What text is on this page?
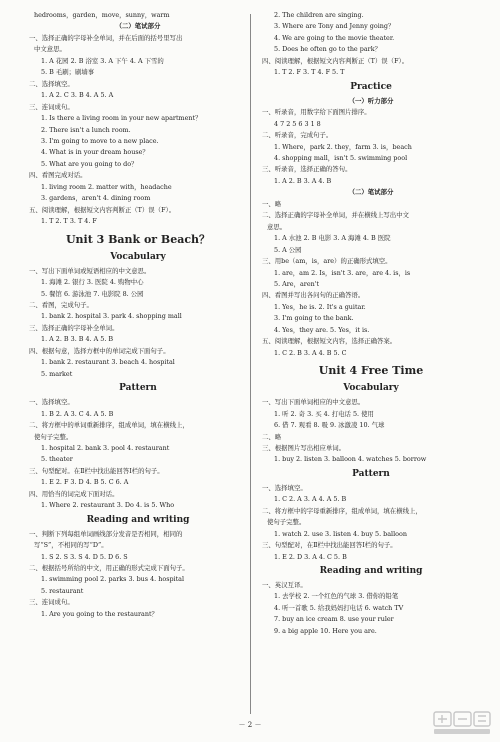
hedrooms，garden，move，sunny，warm
（二）笔试部分
一、选择正确的字母补全单词，并在后面的括号里写出
中文意思。
1. A 花园 2. B 浴室 3. A 下午 4. A 下雪的
5. B 毛刷；刷墙事
二、选择填空。
1. A 2. C 3. B 4. A 5. A
三、连词成句。
1. Is there a living room in your new apartment？
2. There isn't a lunch room.
3. I'm going to move to a new place.
4. What is in your dream house？
5. What are you going to do？
四、看图完成对话。
1. living room 2. matter with，headache
3. gardens，aren't 4. dining room
五、阅读理解，根据短文内容判断正（T）误（F）。
1. T 2. T 3. T 4. F
Unit 3 Bank or Beach？
Vocabulary
一、写出下面单词或短语相应的中文意思。
1. 海滩 2. 银行 3. 医院 4. 购物中心
5. 餐馆 6. 游泳池 7. 电影院 8. 公园
二、看图，完成句子。
1. bank 2. hospital 3. park 4. shopping mall
三、选择正确的字母补全单词。
1. A 2. B 3. B 4. A 5. B
四、根据句意，选择方框中的单词完成下面句子。
1. bank 2. restaurant 3. beach 4. hospital
5. market
Pattern
一、选择填空。
1. B 2. A 3. C 4. A 5. B
二、将方框中的单词重新排序，组成单词，填在横线上，
使句子完整。
1. hospital 2. bank 3. pool 4. restaurant
5. theater
三、句型配对。在Ⅱ栏中找出能回答Ⅰ栏的句子。
1. E 2. F 3. D 4. B 5. C 6. A
四、用恰当的词完成下面对话。
1. Where 2. restaurant 3. Do 4. is 5. Who
Reading and writing
一、判断下列每组单词画线部分发音是否相同，相同的
写“S”，不相同的写“D”。
1. S 2. S 3. S 4. D 5. D 6. S
二、根据括号所给的中文，用正确的形式完成下面句子。
1. swimming pool 2. parks 3. bus 4. hospital
5. restaurant
三、连词成句。
1. Are you going to the restaurant？
2. The children are singing.
3. Where are Tony and Jenny going？
4. We are going to the movie theater.
5. Does he often go to the park？
四、阅读理解，根据短文内容判断正（T）误（F）。
1. T 2. F 3. T 4. F 5. T
Practice
（一）听力部分
一、听录音，用数字给下面图片排序。
4 7 2 5 6 3 1 8
二、听录音，完成句子。
1. Where，park 2. they，farm 3. is，beach
4. shopping mall，isn't 5. swimming pool
三、听录音，选择正确的答句。
1. A 2. B 3. A 4. B
（二）笔试部分
一、略
二、选择正确的字母补全单词，并在横线上写出中文
意思。
1. A 水池 2. B 电影 3. A 海滩 4. B 医院
5. A 公园
三、用be（am，is，are）的正确形式填空。
1. are，am 2. Is，isn't 3. are，are 4. is，is
5. Are，aren't
四、看图并写出各问句的正确答语。
1. Yes，he is. 2. It's a guitar.
3. I'm going to the bank.
4. Yes，they are. 5. Yes，it is.
五、阅读理解，根据短文内容，选择正确答案。
1. C 2. B 3. A 4. B 5. C
Unit 4 Free Time
Vocabulary
一、写出下面单词相应的中文意思。
1. 听 2. 奇 3. 买 4. 打电话 5. 使用
6. 借 7. 观看 8. 吸 9. 冰激凌 10. 气球
二、略
三、根据图片写出相应单词。
1. buy 2. listen 3. balloon 4. watches 5. borrow
Pattern
一、选择填空。
1. C 2. A 3. A 4. A 5. B
二、将方框中的字母重新排序，组成单词，填在横线上，
使句子完整。
1. watch 2. use 3. listen 4. buy 5. balloon
三、句型配对，在Ⅱ栏中找出能回答Ⅰ栏的句子。
1. E 2. D 3. A 4. C 5. B
Reading and writing
一、英汉互译。
1. 去学校 2. 一个红色的气球 3. 借你的铅笔
4. 听一首歌 5. 给我妈妈打电话 6. watch TV
7. buy an ice cream 8. use your ruler
9. a big apple 10. Here you are.
－ 2 －
